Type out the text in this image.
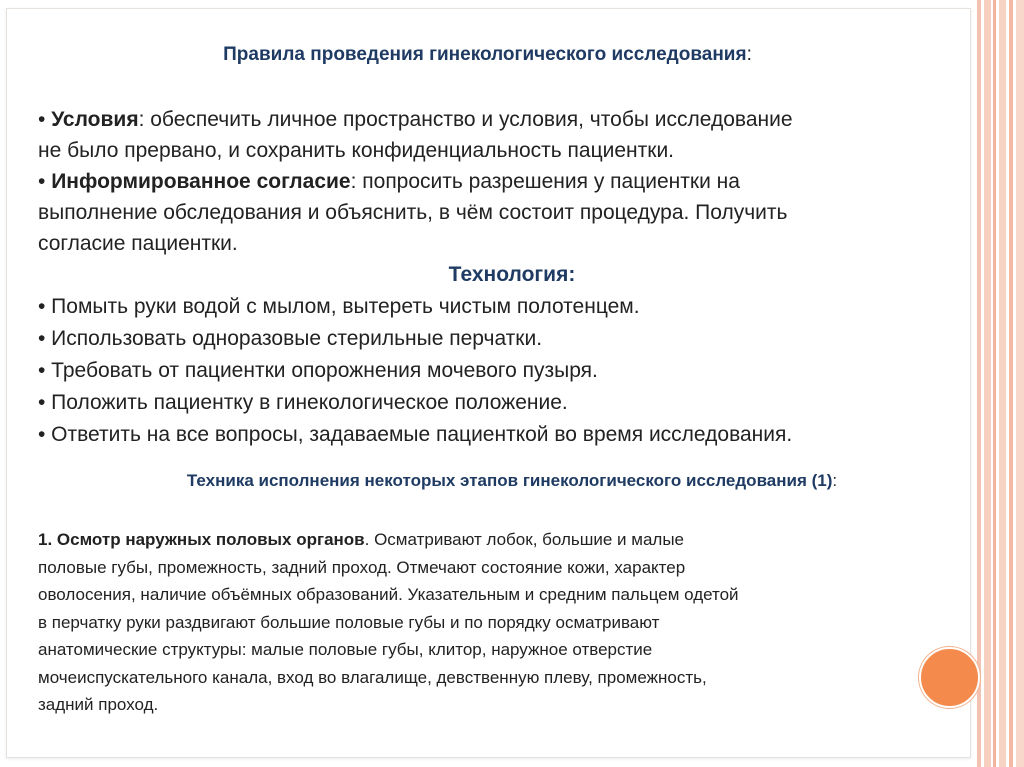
Правила проведения гинекологического исследования:
• Условия: обеспечить личное пространство и условия, чтобы исследование
не было прервано, и сохранить конфиденциальность пациентки.
• Информированное согласие: попросить разрешения у пациентки на
выполнение обследования и объяснить, в чём состоит процедура. Получить
согласие пациентки.
Технология:
• Помыть руки водой с мылом, вытереть чистым полотенцем.
• Использовать одноразовые стерильные перчатки.
• Требовать от пациентки опорожнения мочевого пузыря.
• Положить пациентку в гинекологическое положение.
• Ответить на все вопросы, задаваемые пациенткой во время исследования.
Техника исполнения некоторых этапов гинекологического исследования (1):
1. Осмотр наружных половых органов. Осматривают лобок, большие и малые
половые губы, промежность, задний проход. Отмечают состояние кожи, характер
оволосения, наличие объёмных образований. Указательным и средним пальцем одетой
в перчатку руки раздвигают большие половые губы и по порядку осматривают
анатомические структуры: малые половые губы, клитор, наружное отверстие
мочеиспускательного канала, вход во влагалище, девственную плеву, промежность,
задний проход.
